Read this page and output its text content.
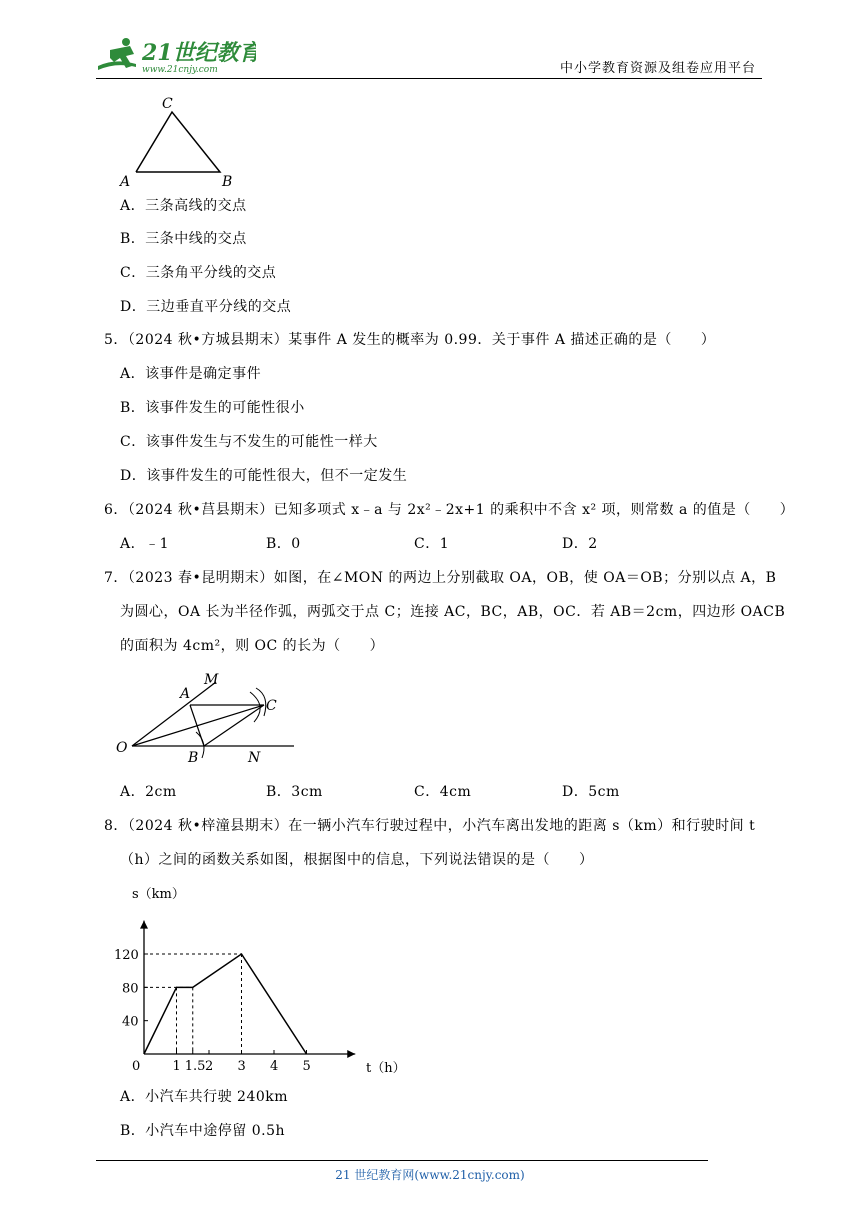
21世纪教育
www.21cnjy.com	中小学教育资源及组卷应用平台
C
A	B
A．三条高线的交点
B．三条中线的交点
C．三条角平分线的交点
D．三边垂直平分线的交点
5．（2024 秋•方城县期末）某事件 A 发生的概率为 0.99．关于事件 A 描述正确的是（　　）
A．该事件是确定事件
B．该事件发生的可能性很小
C．该事件发生与不发生的可能性一样大
D．该事件发生的可能性很大，但不一定发生
6．（2024 秋•莒县期末）已知多项式 x﹣a 与 2x²﹣2x+1 的乘积中不含 x² 项，则常数 a 的值是（　　）
A．﹣1	B．0	C．1	D．2
7．（2023 春•昆明期末）如图，在∠MON 的两边上分别截取 OA，OB，使 OA＝OB；分别以点 A，B
为圆心，OA 长为半径作弧，两弧交于点 C；连接 AC，BC，AB，OC．若 AB＝2cm，四边形 OACB
的面积为 4cm²，则 OC 的长为（　　）
O
A
M
C
B	N
A．2cm	B．3cm	C．4cm	D．5cm
8．（2024 秋•梓潼县期末）在一辆小汽车行驶过程中，小汽车离出发地的距离 s（km）和行驶时间 t
（h）之间的函数关系如图，根据图中的信息，下列说法错误的是（　　）
0 1 1.5 2 3 4 5
40
80
120
s（km）
t（h）
A．小汽车共行驶 240km
B．小汽车中途停留 0.5h
21 世纪教育网(www.21cnjy.com)
